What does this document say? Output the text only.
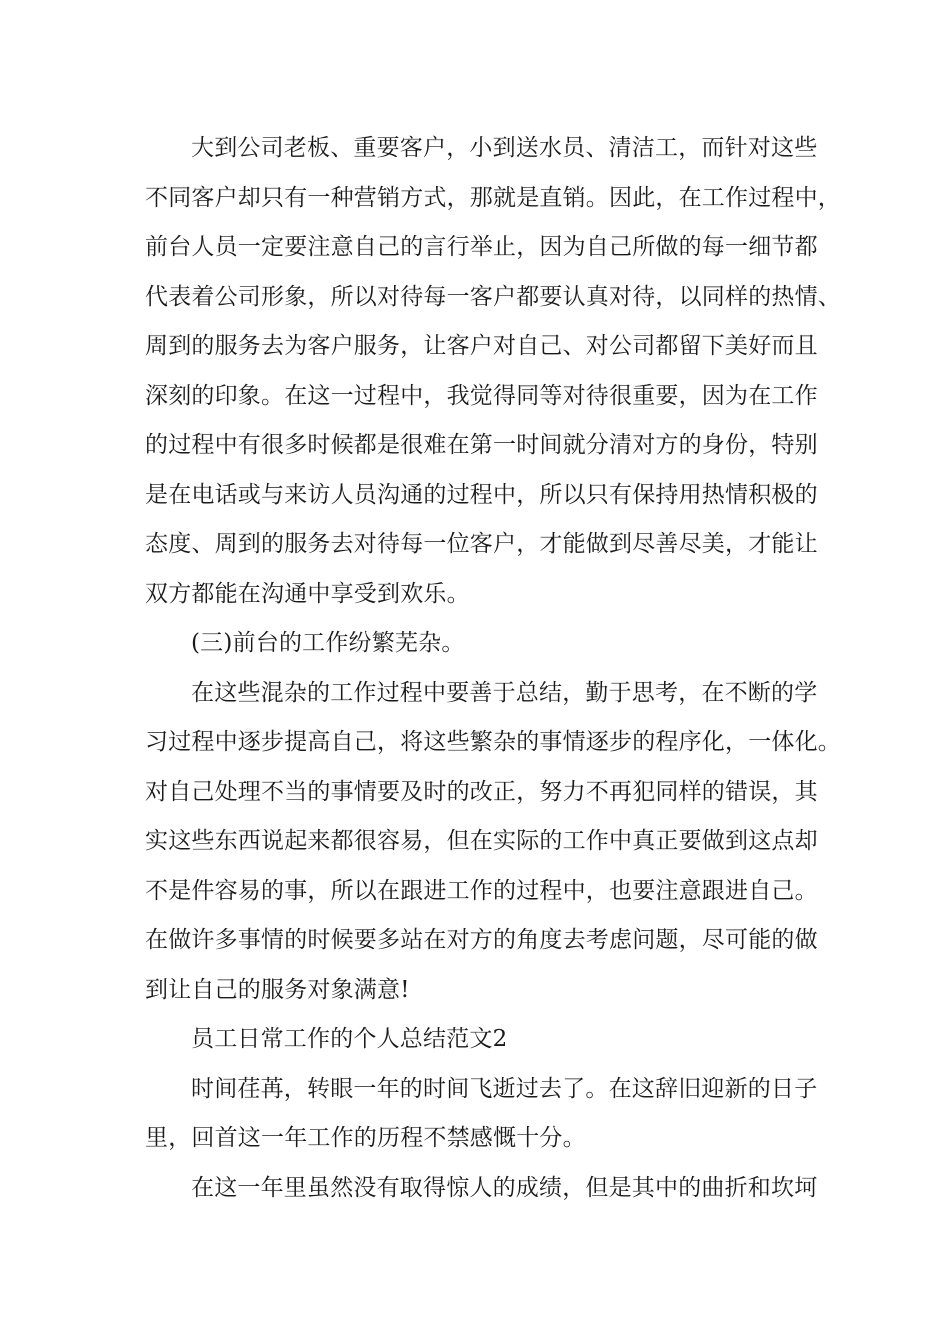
大到公司老板、重要客户，小到送水员、清洁工，而针对这些
不同客户却只有一种营销方式，那就是直销。因此，在工作过程中，
前台人员一定要注意自己的言行举止，因为自己所做的每一细节都
代表着公司形象，所以对待每一客户都要认真对待，以同样的热情、
周到的服务去为客户服务，让客户对自己、对公司都留下美好而且
深刻的印象。在这一过程中，我觉得同等对待很重要，因为在工作
的过程中有很多时候都是很难在第一时间就分清对方的身份，特别
是在电话或与来访人员沟通的过程中，所以只有保持用热情积极的
态度、周到的服务去对待每一位客户，才能做到尽善尽美，才能让
双方都能在沟通中享受到欢乐。
(三)前台的工作纷繁芜杂。
在这些混杂的工作过程中要善于总结，勤于思考，在不断的学
习过程中逐步提高自己，将这些繁杂的事情逐步的程序化，一体化。
对自己处理不当的事情要及时的改正，努力不再犯同样的错误，其
实这些东西说起来都很容易，但在实际的工作中真正要做到这点却
不是件容易的事，所以在跟进工作的过程中，也要注意跟进自己。
在做许多事情的时候要多站在对方的角度去考虑问题，尽可能的做
到让自己的服务对象满意!
员工日常工作的个人总结范文2
时间荏苒，转眼一年的时间飞逝过去了。在这辞旧迎新的日子
里，回首这一年工作的历程不禁感慨十分。
在这一年里虽然没有取得惊人的成绩，但是其中的曲折和坎坷
